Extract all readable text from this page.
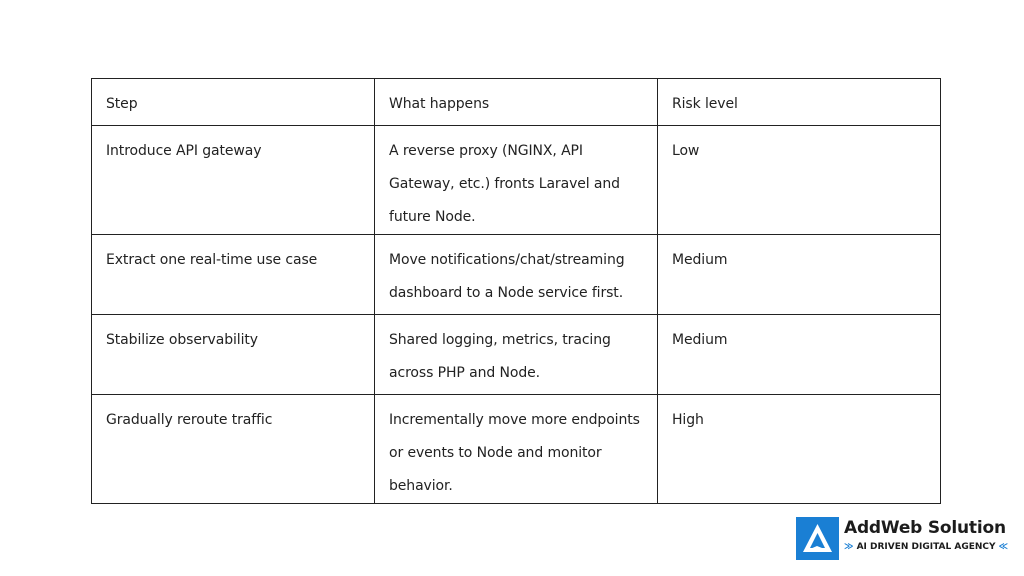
Step	What happens	Risk level
Introduce API gateway	A reverse proxy (NGINX, API Gateway, etc.) fronts Laravel and future Node.	Low
Extract one real-time use case	Move notifications/chat/streaming dashboard to a Node service first.	Medium
Stabilize observability	Shared logging, metrics, tracing across PHP and Node.	Medium
Gradually reroute traffic	Incrementally move more endpoints or events to Node and monitor behavior.	High
AddWeb Solution
≫ AI DRIVEN DIGITAL AGENCY ≪
